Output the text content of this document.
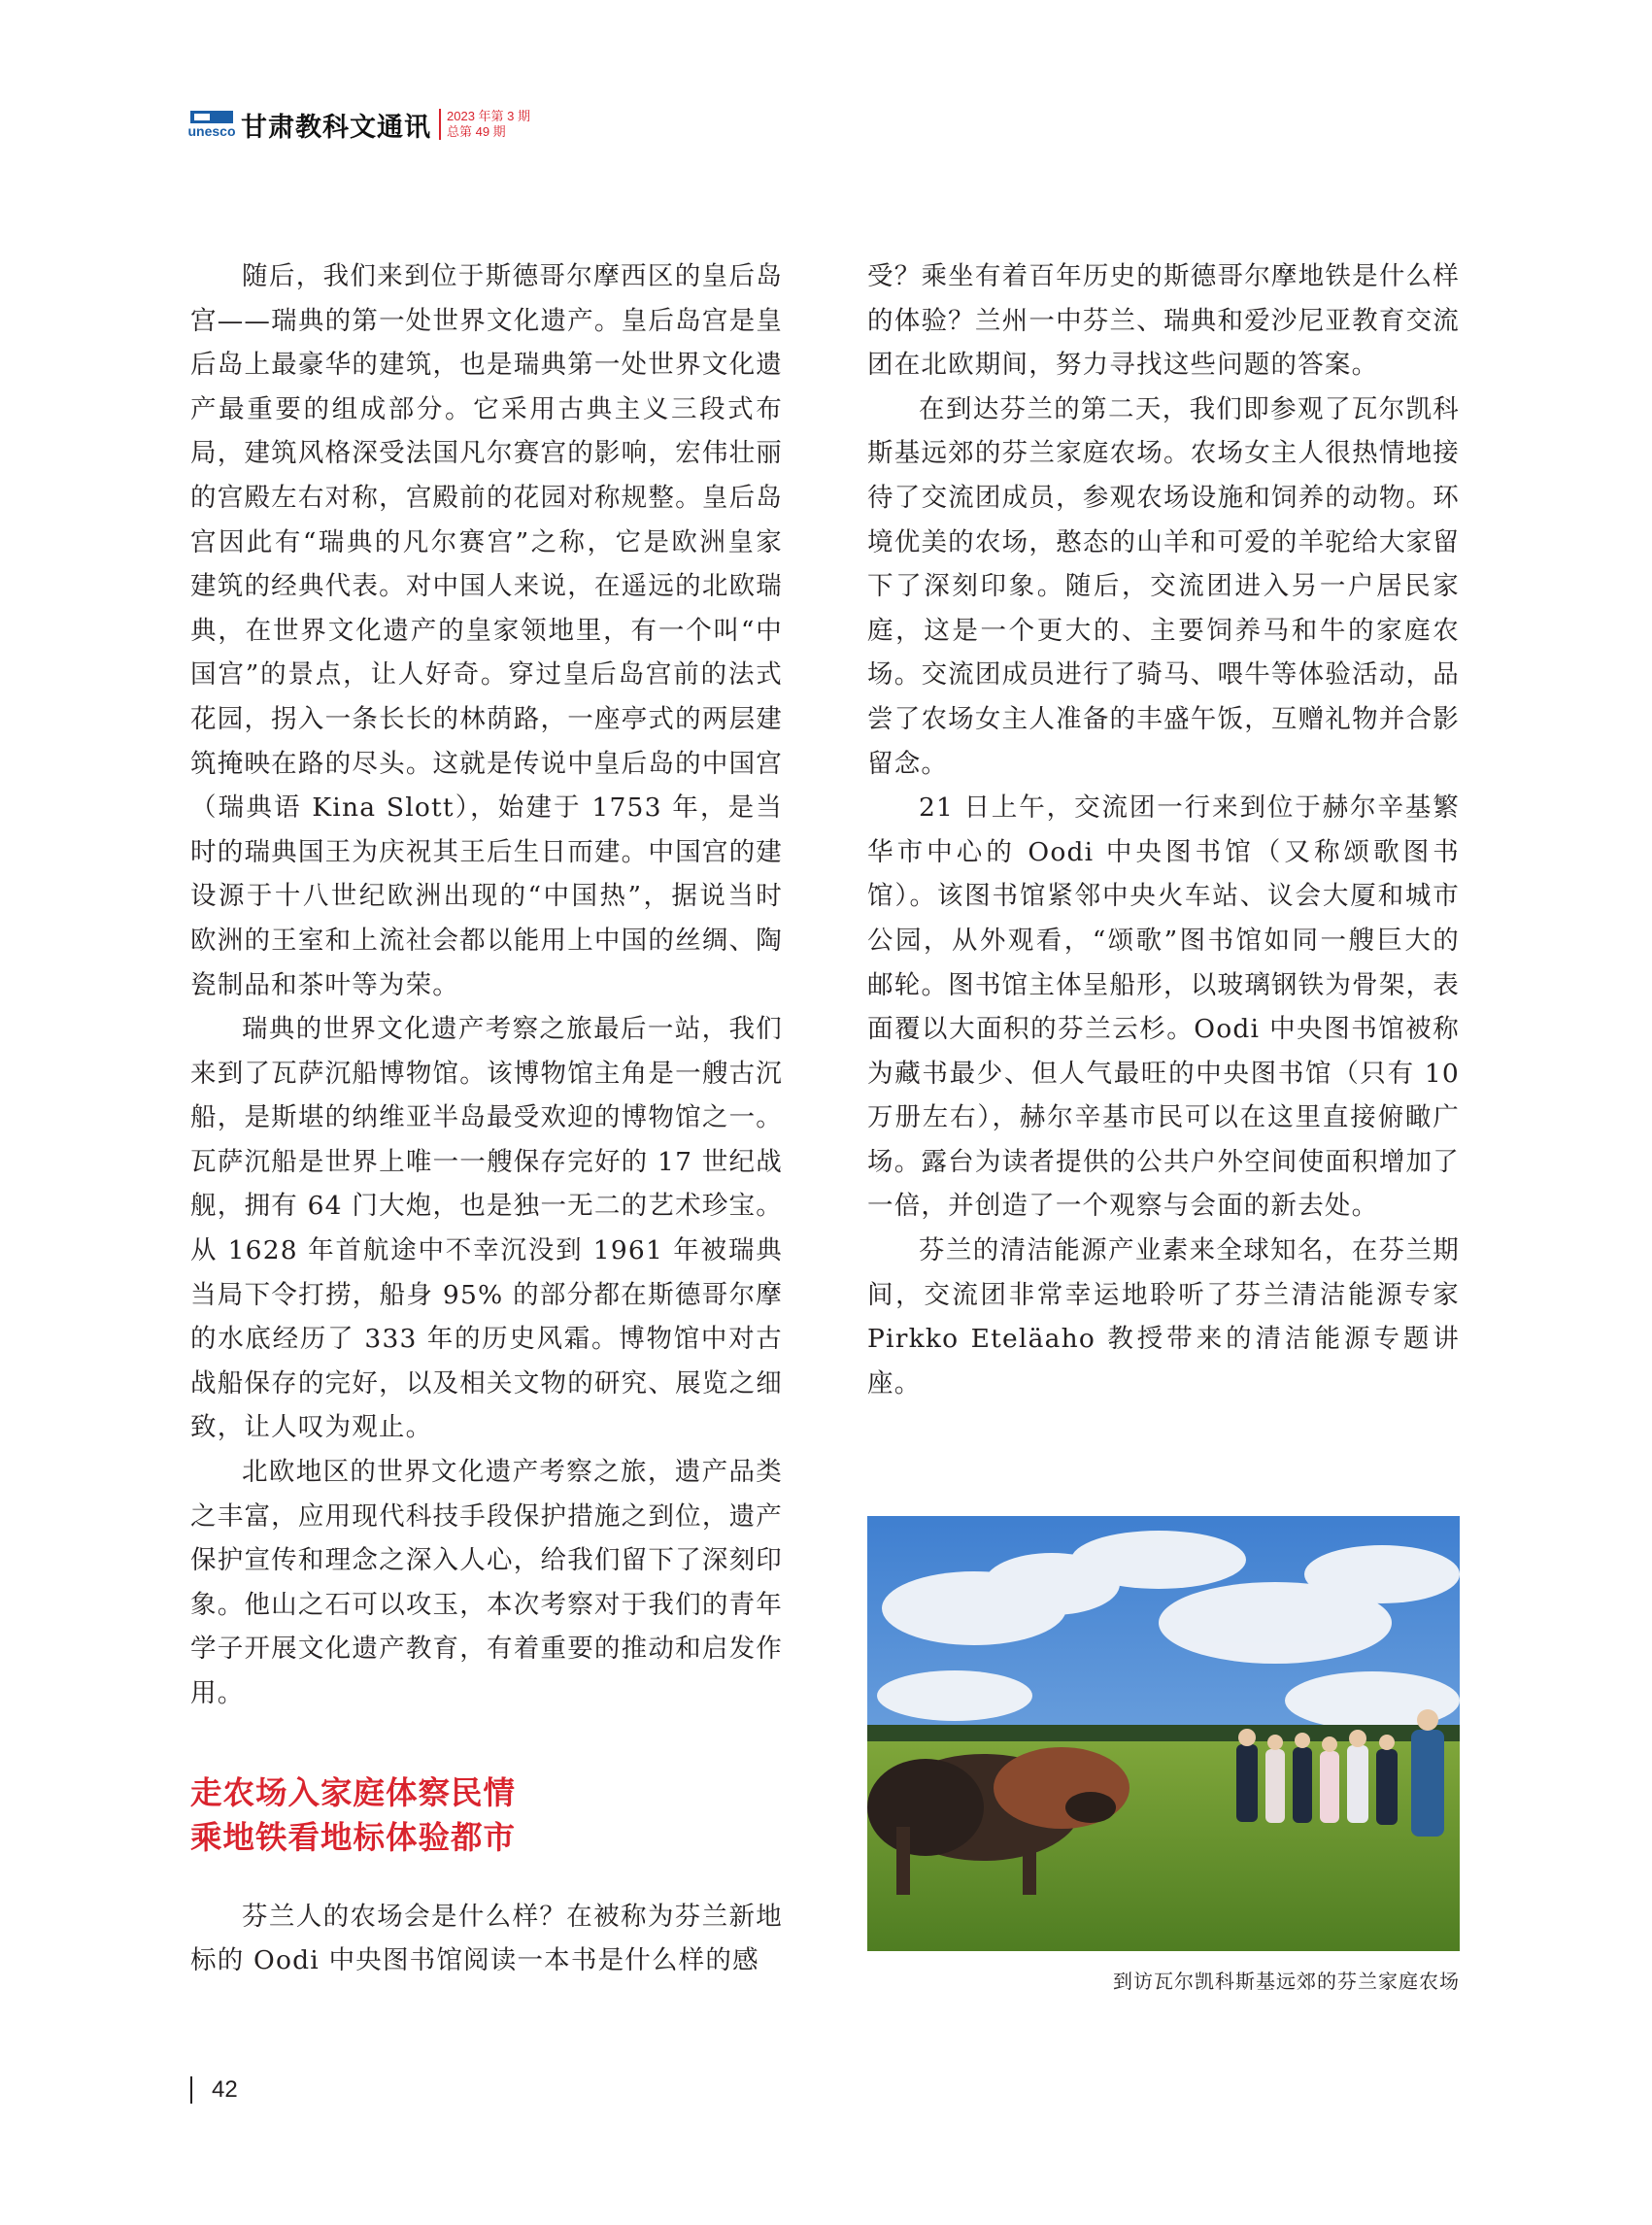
unesco 甘肃教科文通讯 2023 年第 3 期
总第 49 期

随后，我们来到位于斯德哥尔摩西区的皇后岛宫——瑞典的第一处世界文化遗产。皇后岛宫是皇后岛上最豪华的建筑，也是瑞典第一处世界文化遗产最重要的组成部分。它采用古典主义三段式布局，建筑风格深受法国凡尔赛宫的影响，宏伟壮丽的宫殿左右对称，宫殿前的花园对称规整。皇后岛宫因此有“瑞典的凡尔赛宫”之称，它是欧洲皇家建筑的经典代表。对中国人来说，在遥远的北欧瑞典，在世界文化遗产的皇家领地里，有一个叫“中国宫”的景点，让人好奇。穿过皇后岛宫前的法式花园，拐入一条长长的林荫路，一座亭式的两层建筑掩映在路的尽头。这就是传说中皇后岛的中国宫（瑞典语 Kina Slott），始建于 1753 年，是当时的瑞典国王为庆祝其王后生日而建。中国宫的建设源于十八世纪欧洲出现的“中国热”，据说当时欧洲的王室和上流社会都以能用上中国的丝绸、陶瓷制品和茶叶等为荣。

瑞典的世界文化遗产考察之旅最后一站，我们来到了瓦萨沉船博物馆。该博物馆主角是一艘古沉船，是斯堪的纳维亚半岛最受欢迎的博物馆之一。瓦萨沉船是世界上唯一一艘保存完好的 17 世纪战舰，拥有 64 门大炮，也是独一无二的艺术珍宝。从 1628 年首航途中不幸沉没到 1961 年被瑞典当局下令打捞，船身 95% 的部分都在斯德哥尔摩的水底经历了 333 年的历史风霜。博物馆中对古战船保存的完好，以及相关文物的研究、展览之细致，让人叹为观止。

北欧地区的世界文化遗产考察之旅，遗产品类之丰富，应用现代科技手段保护措施之到位，遗产保护宣传和理念之深入人心，给我们留下了深刻印象。他山之石可以攻玉，本次考察对于我们的青年学子开展文化遗产教育，有着重要的推动和启发作用。

走农场入家庭体察民情
乘地铁看地标体验都市

芬兰人的农场会是什么样？在被称为芬兰新地标的 Oodi 中央图书馆阅读一本书是什么样的感

受？乘坐有着百年历史的斯德哥尔摩地铁是什么样的体验？兰州一中芬兰、瑞典和爱沙尼亚教育交流团在北欧期间，努力寻找这些问题的答案。

在到达芬兰的第二天，我们即参观了瓦尔凯科斯基远郊的芬兰家庭农场。农场女主人很热情地接待了交流团成员，参观农场设施和饲养的动物。环境优美的农场，憨态的山羊和可爱的羊驼给大家留下了深刻印象。随后，交流团进入另一户居民家庭，这是一个更大的、主要饲养马和牛的家庭农场。交流团成员进行了骑马、喂牛等体验活动，品尝了农场女主人准备的丰盛午饭，互赠礼物并合影留念。

21 日上午，交流团一行来到位于赫尔辛基繁华市中心的 Oodi 中央图书馆（又称颂歌图书馆）。该图书馆紧邻中央火车站、议会大厦和城市公园，从外观看，“颂歌”图书馆如同一艘巨大的邮轮。图书馆主体呈船形，以玻璃钢铁为骨架，表面覆以大面积的芬兰云杉。Oodi 中央图书馆被称为藏书最少、但人气最旺的中央图书馆（只有 10 万册左右），赫尔辛基市民可以在这里直接俯瞰广场。露台为读者提供的公共户外空间使面积增加了一倍，并创造了一个观察与会面的新去处。

芬兰的清洁能源产业素来全球知名，在芬兰期间，交流团非常幸运地聆听了芬兰清洁能源专家 Pirkko Eteläaho 教授带来的清洁能源专题讲座。

到访瓦尔凯科斯基远郊的芬兰家庭农场
42
